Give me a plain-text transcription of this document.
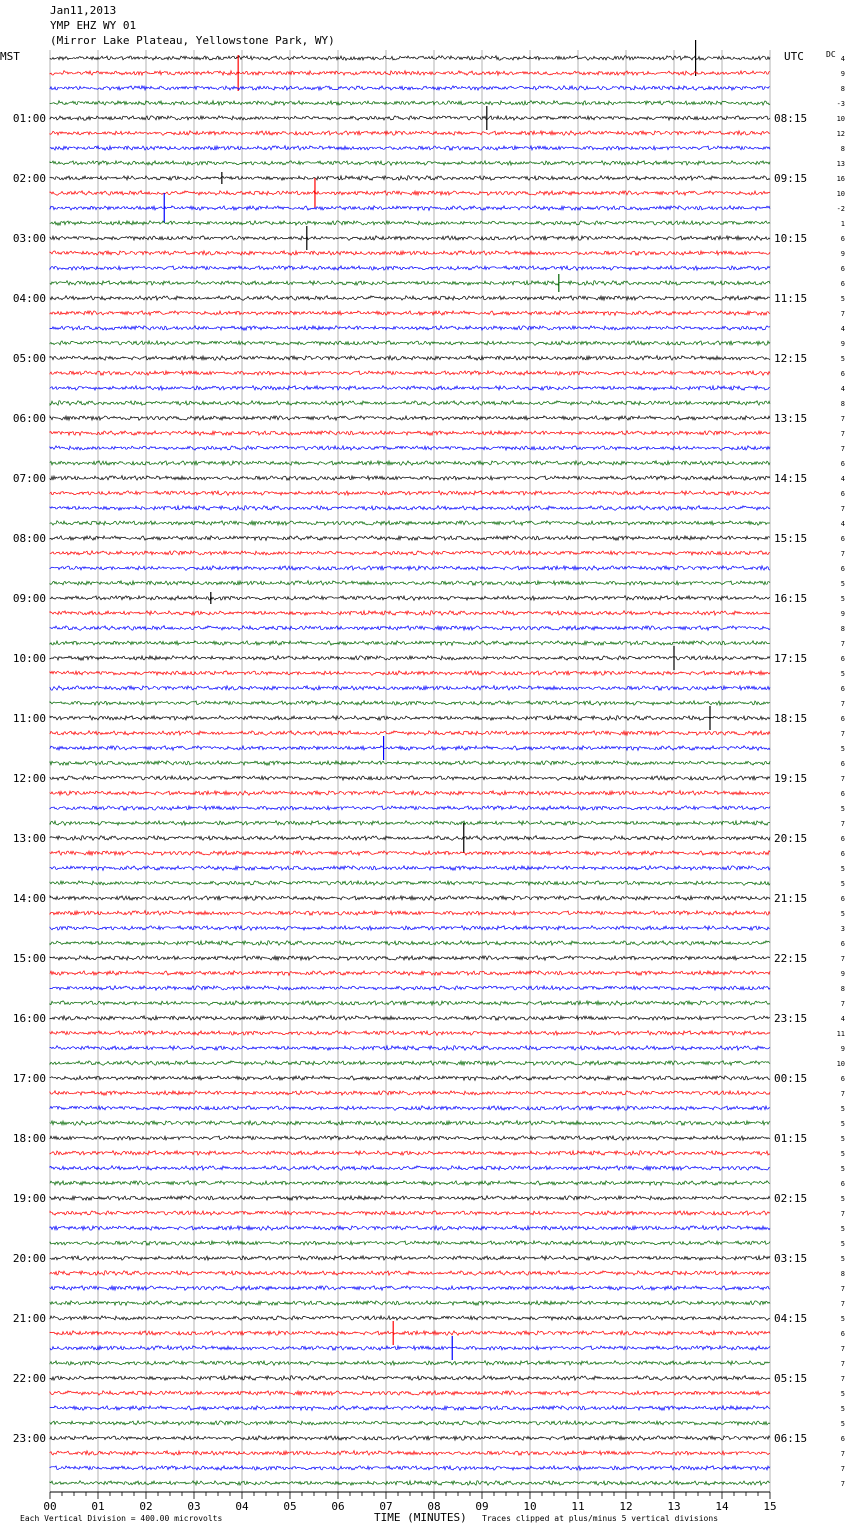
Jan11,2013
YMP EHZ WY 01
(Mirror Lake Plateau, Yellowstone Park, WY)
MST	UTC	DC
01:00
02:00
03:00
04:00
05:00
06:00
07:00
08:00
09:00
10:00
11:00
12:00
13:00
14:00
15:00
16:00
17:00
18:00
19:00
20:00
21:00
22:00
23:00
08:15
09:15
10:15
11:15
12:15
13:15
14:15
15:15
16:15
17:15
18:15
19:15
20:15
21:15
22:15
23:15
00:15
01:15
02:15
03:15
04:15
05:15
06:15
4
9
8
-3
10
12
8
13
16
10
-2
1
6
9
6
6
5
7
4
9
5
6
4
8
7
7
7
6
4
6
7
4
6
7
6
5
5
9
8
7
6
5
6
7
6
7
5
6
7
6
5
7
6
6
5
5
6
5
3
6
7
9
8
7
4
11
9
10
6
7
5
5
5
5
5
6
5
7
5
5
5
8
7
7
5
6
7
7
7
5
5
5
6
7
7
7
00	01	02	03	04	05	06	07	08	09	10	11	12	13	14	15
Each Vertical Division = 400.00 microvolts	TIME (MINUTES) Traces clipped at plus/minus 5 vertical divisions
